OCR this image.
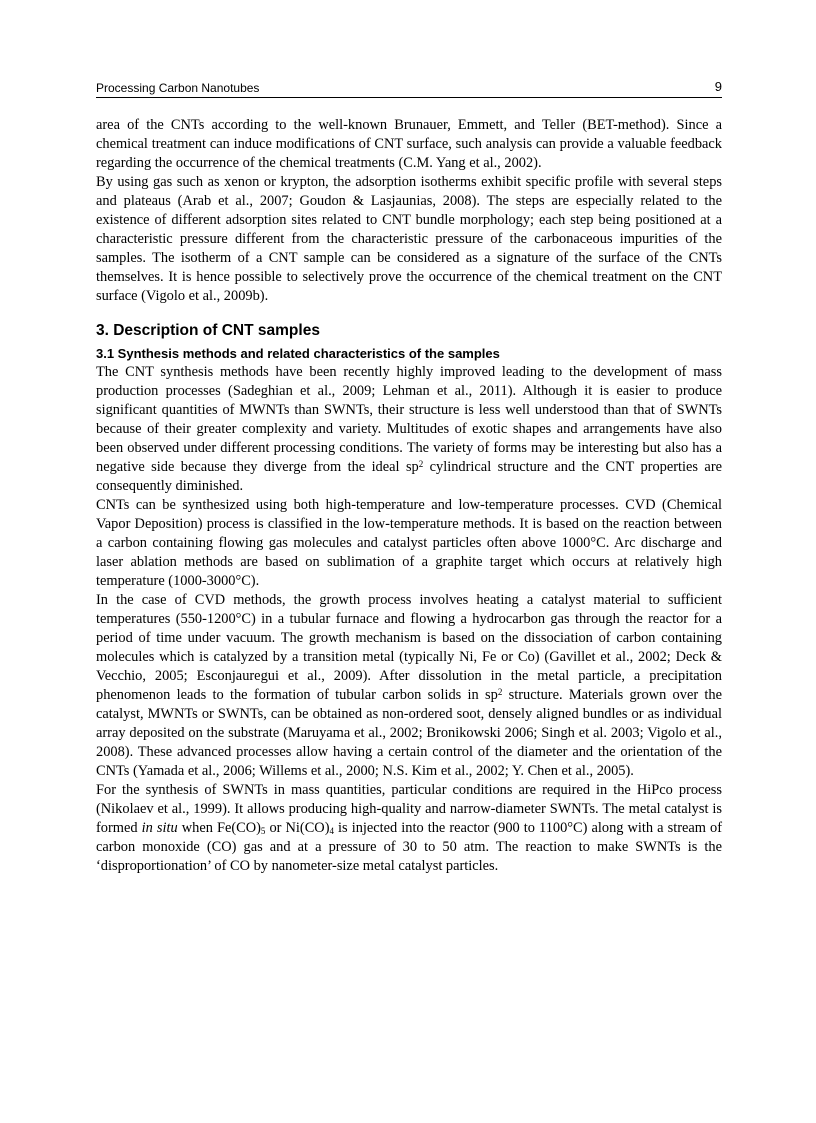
Processing Carbon Nanotubes	9

area of the CNTs according to the well-known Brunauer, Emmett, and Teller (BET-method). Since a chemical treatment can induce modifications of CNT surface, such analysis can provide a valuable feedback regarding the occurrence of the chemical treatments (C.M. Yang et al., 2002).

By using gas such as xenon or krypton, the adsorption isotherms exhibit specific profile with several steps and plateaus (Arab et al., 2007; Goudon & Lasjaunias, 2008). The steps are especially related to the existence of different adsorption sites related to CNT bundle morphology; each step being positioned at a characteristic pressure different from the characteristic pressure of the carbonaceous impurities of the samples. The isotherm of a CNT sample can be considered as a signature of the surface of the CNTs themselves. It is hence possible to selectively prove the occurrence of the chemical treatment on the CNT surface (Vigolo et al., 2009b).

3. Description of CNT samples
3.1 Synthesis methods and related characteristics of the samples

The CNT synthesis methods have been recently highly improved leading to the development of mass production processes (Sadeghian et al., 2009; Lehman et al., 2011). Although it is easier to produce significant quantities of MWNTs than SWNTs, their structure is less well understood than that of SWNTs because of their greater complexity and variety. Multitudes of exotic shapes and arrangements have also been observed under different processing conditions. The variety of forms may be interesting but also has a negative side because they diverge from the ideal $sp^2$ cylindrical structure and the CNT properties are consequently diminished.

CNTs can be synthesized using both high-temperature and low-temperature processes. CVD (Chemical Vapor Deposition) process is classified in the low-temperature methods. It is based on the reaction between a carbon containing flowing gas molecules and catalyst particles often above 1000°C. Arc discharge and laser ablation methods are based on sublimation of a graphite target which occurs at relatively high temperature (1000-3000°C).

In the case of CVD methods, the growth process involves heating a catalyst material to sufficient temperatures (550-1200°C) in a tubular furnace and flowing a hydrocarbon gas through the reactor for a period of time under vacuum. The growth mechanism is based on the dissociation of carbon containing molecules which is catalyzed by a transition metal (typically Ni, Fe or Co) (Gavillet et al., 2002; Deck & Vecchio, 2005; Esconjauregui et al., 2009). After dissolution in the metal particle, a precipitation phenomenon leads to the formation of tubular carbon solids in $sp^2$ structure. Materials grown over the catalyst, MWNTs or SWNTs, can be obtained as non-ordered soot, densely aligned bundles or as individual array deposited on the substrate (Maruyama et al., 2002; Bronikowski 2006; Singh et al. 2003; Vigolo et al., 2008). These advanced processes allow having a certain control of the diameter and the orientation of the CNTs (Yamada et al., 2006; Willems et al., 2000; N.S. Kim et al., 2002; Y. Chen et al., 2005).

For the synthesis of SWNTs in mass quantities, particular conditions are required in the HiPco process (Nikolaev et al., 1999). It allows producing high-quality and narrow-diameter SWNTs. The metal catalyst is formed in situ when $Fe(CO)_5$ or $Ni(CO)_4$ is injected into the reactor (900 to 1100°C) along with a stream of carbon monoxide (CO) gas and at a pressure of 30 to 50 atm. The reaction to make SWNTs is the ‘disproportionation’ of CO by nanometer-size metal catalyst particles.
